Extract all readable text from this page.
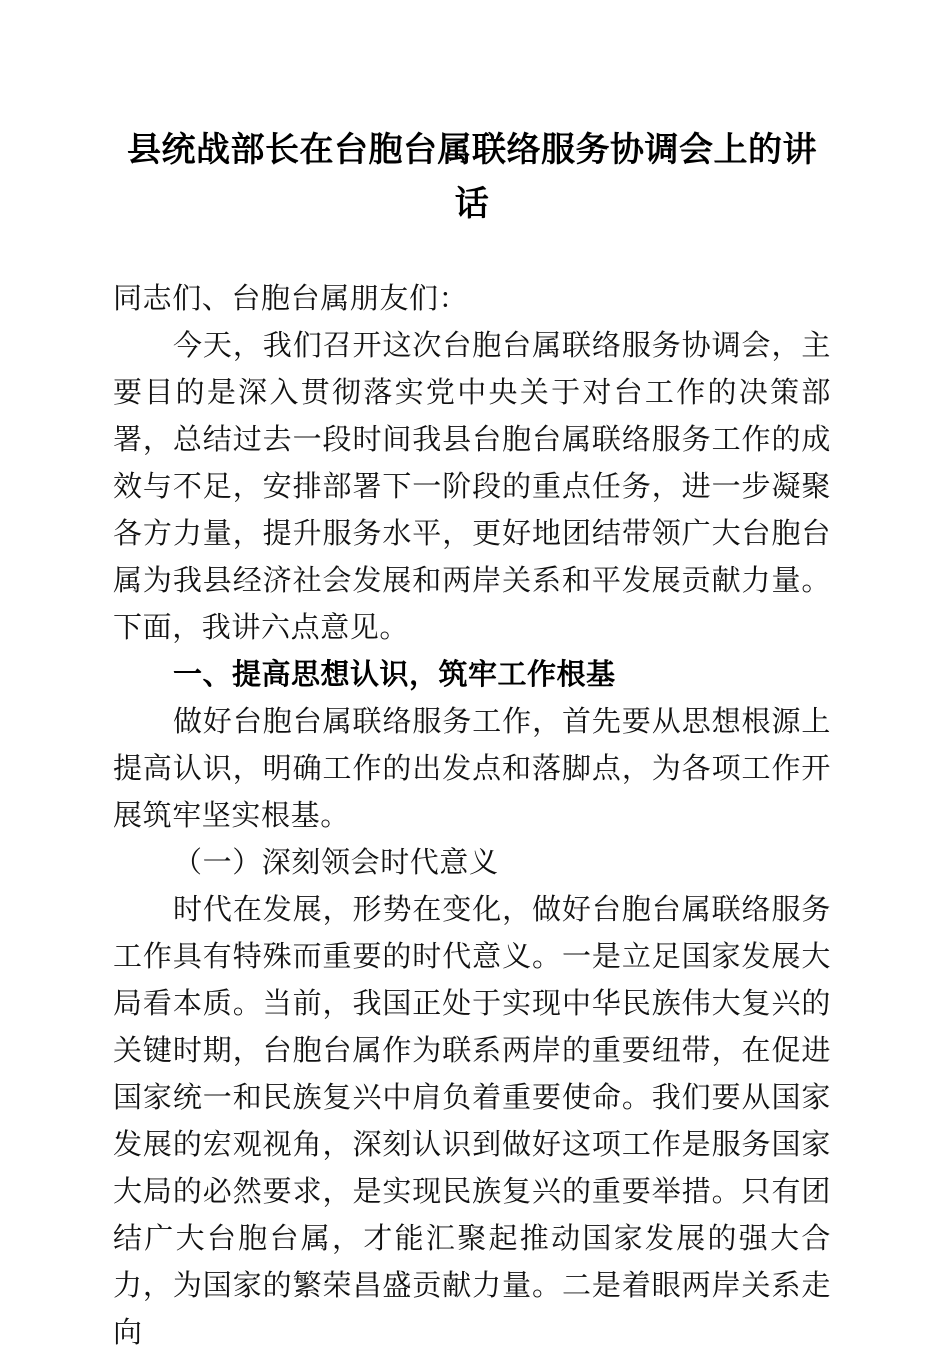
县统战部长在台胞台属联络服务协调会上的讲话

同志们、台胞台属朋友们：

今天，我们召开这次台胞台属联络服务协调会，主要目的是深入贯彻落实党中央关于对台工作的决策部署，总结过去一段时间我县台胞台属联络服务工作的成效与不足，安排部署下一阶段的重点任务，进一步凝聚各方力量，提升服务水平，更好地团结带领广大台胞台属为我县经济社会发展和两岸关系和平发展贡献力量。下面，我讲六点意见。

一、提高思想认识，筑牢工作根基

做好台胞台属联络服务工作，首先要从思想根源上提高认识，明确工作的出发点和落脚点，为各项工作开展筑牢坚实根基。

（一）深刻领会时代意义

时代在发展，形势在变化，做好台胞台属联络服务工作具有特殊而重要的时代意义。一是立足国家发展大局看本质。当前，我国正处于实现中华民族伟大复兴的关键时期，台胞台属作为联系两岸的重要纽带，在促进国家统一和民族复兴中肩负着重要使命。我们要从国家发展的宏观视角，深刻认识到做好这项工作是服务国家大局的必然要求，是实现民族复兴的重要举措。只有团结广大台胞台属，才能汇聚起推动国家发展的强大合力，为国家的繁荣昌盛贡献力量。二是着眼两岸关系走向
